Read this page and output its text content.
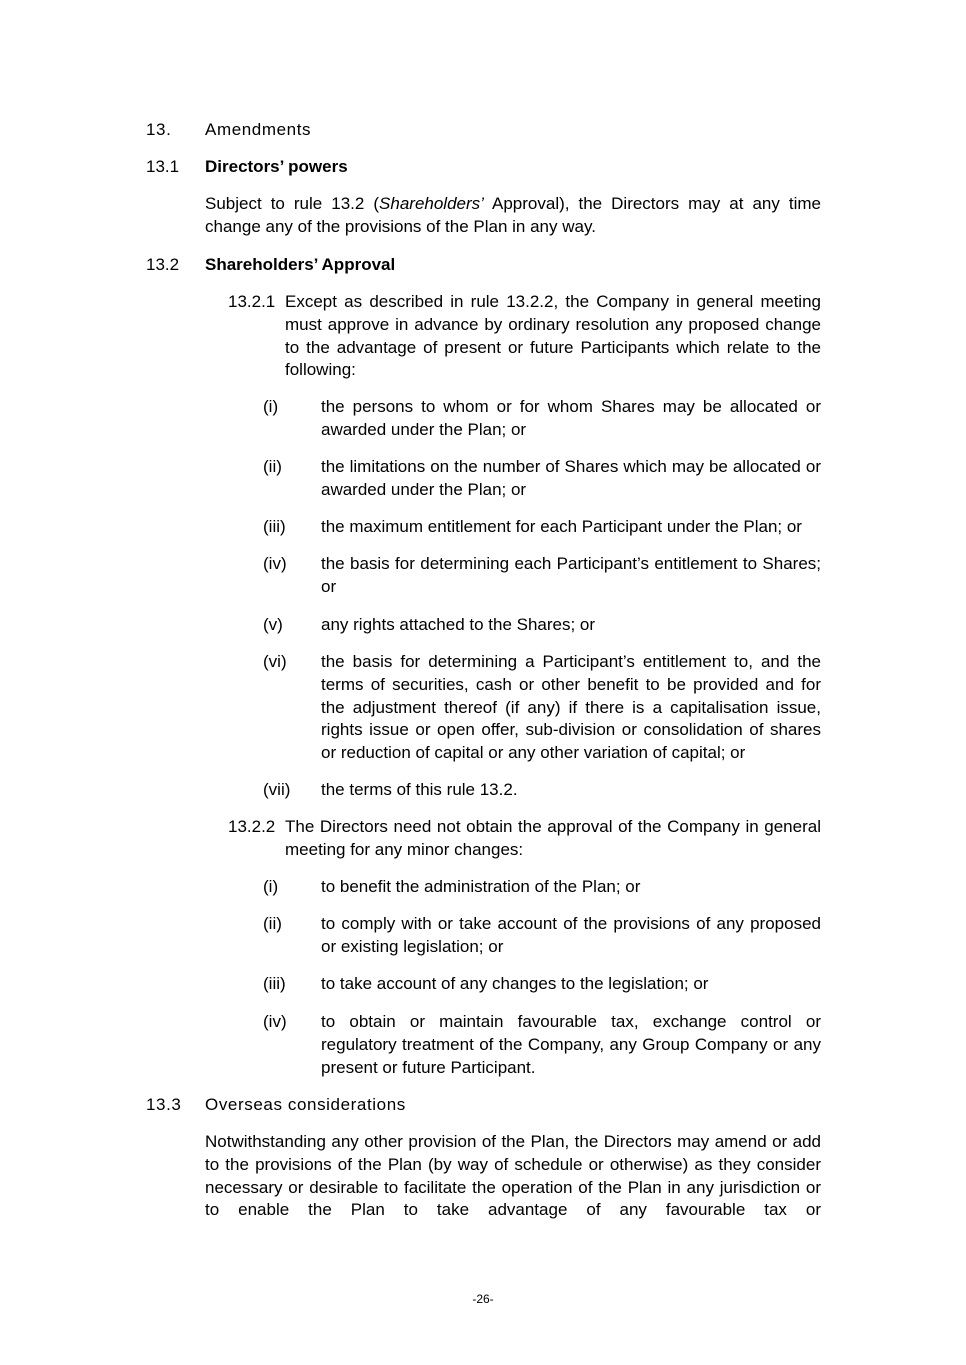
13. Amendments
13.1 Directors’ powers
Subject to rule 13.2 (Shareholders’ Approval), the Directors may at any time change any of the provisions of the Plan in any way.
13.2 Shareholders’ Approval
13.2.1 Except as described in rule 13.2.2, the Company in general meeting must approve in advance by ordinary resolution any proposed change to the advantage of present or future Participants which relate to the following:
(i)	the persons to whom or for whom Shares may be allocated or awarded under the Plan; or
(ii) the limitations on the number of Shares which may be allocated or awarded under the Plan; or
(iii) the maximum entitlement for each Participant under the Plan; or
(iv) the basis for determining each Participant’s entitlement to Shares; or
(v) any rights attached to the Shares; or
(vi) the basis for determining a Participant’s entitlement to, and the terms of securities, cash or other benefit to be provided and for the adjustment thereof (if any) if there is a capitalisation issue, rights issue or open offer, sub-division or consolidation of shares or reduction of capital or any other variation of capital; or
(vii) the terms of this rule 13.2.
13.2.2 The Directors need not obtain the approval of the Company in general meeting for any minor changes:
(i)	to benefit the administration of the Plan; or
(ii) to comply with or take account of the provisions of any proposed or existing legislation; or
(iii) to take account of any changes to the legislation; or
(iv) to obtain or maintain favourable tax, exchange control or regulatory treatment of the Company, any Group Company or any present or future Participant.
13.3 Overseas considerations
Notwithstanding any other provision of the Plan, the Directors may amend or add to the provisions of the Plan (by way of schedule or otherwise) as they consider necessary or desirable to facilitate the operation of the Plan in any jurisdiction or to enable the Plan to take advantage of any favourable tax or
-26-
